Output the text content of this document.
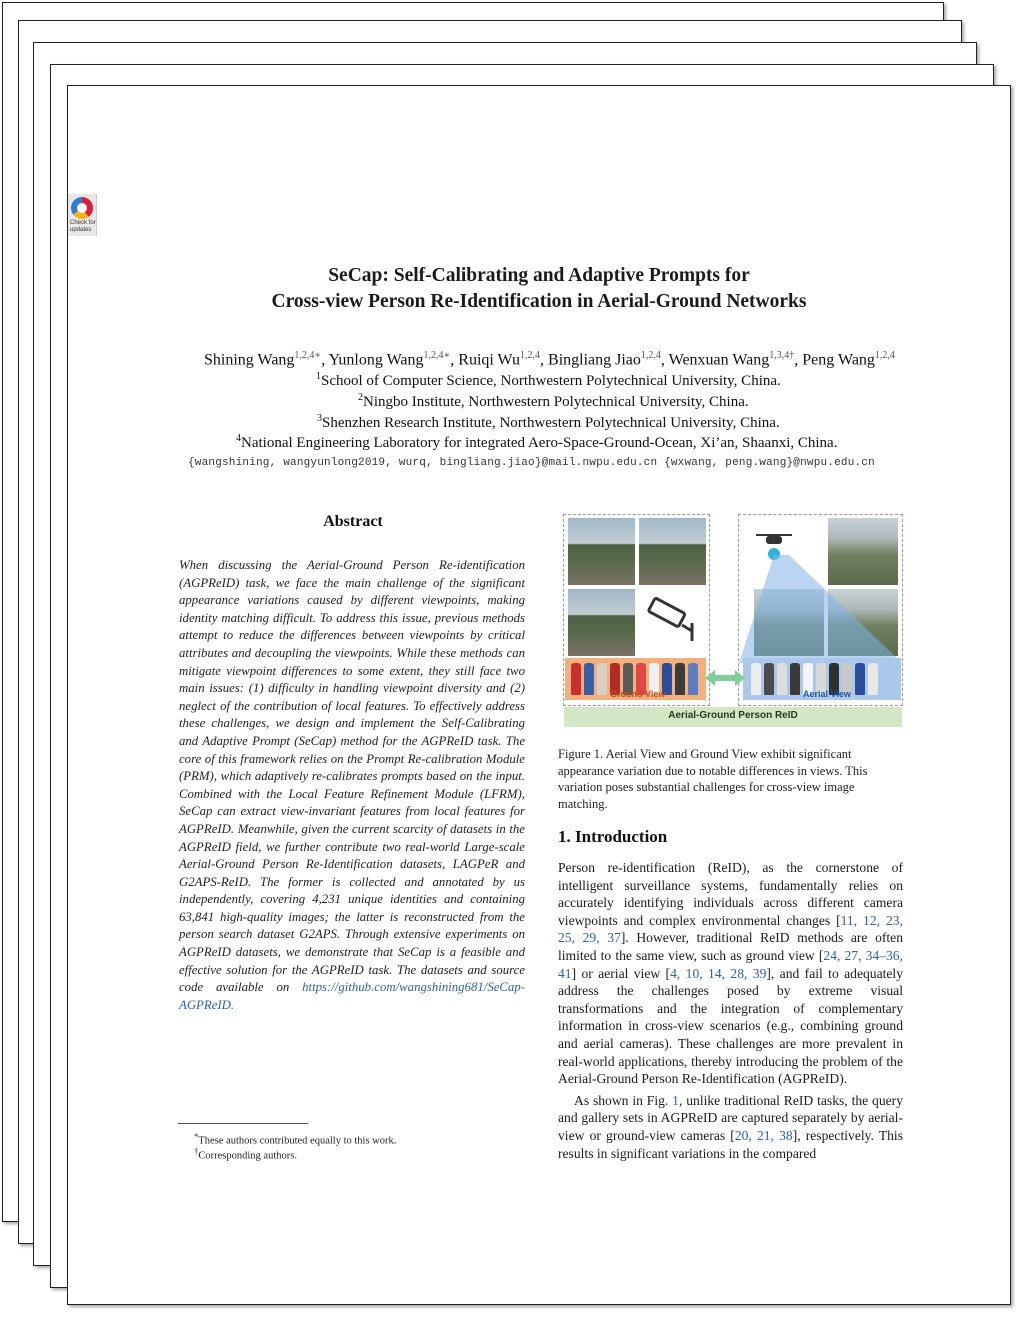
Check for
updates
SeCap: Self-Calibrating and Adaptive Prompts for
Cross-view Person Re-Identification in Aerial-Ground Networks
Shining Wang$^{1,2,4∗}$, Yunlong Wang$^{1,2,4∗}$, Ruiqi Wu$^{1,2,4}$, Bingliang Jiao$^{1,2,4}$, Wenxuan Wang$^{1,3,4\dagger}$, Peng Wang$^{1,2,4}$
$^1$School of Computer Science, Northwestern Polytechnical University, China.
$^2$Ningbo Institute, Northwestern Polytechnical University, China.
$^3$Shenzhen Research Institute, Northwestern Polytechnical University, China.
$^4$National Engineering Laboratory for integrated Aero-Space-Ground-Ocean, Xi’an, Shaanxi, China.
{wangshining, wangyunlong2019, wurq, bingliang.jiao}@mail.nwpu.edu.cn {wxwang, peng.wang}@nwpu.edu.cn
Abstract
When discussing the Aerial-Ground Person Re-identification (AGPReID) task, we face the main challenge of the significant appearance variations caused by different viewpoints, making identity matching difficult. To address this issue, previous methods attempt to reduce the differences between viewpoints by critical attributes and decoupling the viewpoints. While these methods can mitigate viewpoint differences to some extent, they still face two main issues: (1) difficulty in handling viewpoint diversity and (2) neglect of the contribution of local features. To effectively address these challenges, we design and implement the Self-Calibrating and Adaptive Prompt (SeCap) method for the AGPReID task. The core of this framework relies on the Prompt Re-calibration Module (PRM), which adaptively re-calibrates prompts based on the input. Combined with the Local Feature Refinement Module (LFRM), SeCap can extract view-invariant features from local features for AGPReID. Meanwhile, given the current scarcity of datasets in the AGPReID field, we further contribute two real-world Large-scale Aerial-Ground Person Re-Identification datasets, LAGPeR and G2APS-ReID. The former is collected and annotated by us independently, covering 4,231 unique identities and containing 63,841 high-quality images; the latter is reconstructed from the person search dataset G2APS. Through extensive experiments on AGPReID datasets, we demonstrate that SeCap is a feasible and effective solution for the AGPReID task. The datasets and source code available on https://github.com/wangshining681/SeCap-AGPReID.
*These authors contributed equally to this work.
†Corresponding authors.
Ground View	Aerial View
Aerial-Ground Person ReID
Figure 1. Aerial View and Ground View exhibit significant appearance variation due to notable differences in views. This variation poses substantial challenges for cross-view image matching.
1. Introduction
Person re-identification (ReID), as the cornerstone of intelligent surveillance systems, fundamentally relies on accurately identifying individuals across different camera viewpoints and complex environmental changes [11, 12, 23, 25, 29, 37]. However, traditional ReID methods are often limited to the same view, such as ground view [24, 27, 34–36, 41] or aerial view [4, 10, 14, 28, 39], and fail to adequately address the challenges posed by extreme visual transformations and the integration of complementary information in cross-view scenarios (e.g., combining ground and aerial cameras). These challenges are more prevalent in real-world applications, thereby introducing the problem of the Aerial-Ground Person Re-Identification (AGPReID).
As shown in Fig. 1, unlike traditional ReID tasks, the query and gallery sets in AGPReID are captured separately by aerial-view or ground-view cameras [20, 21, 38], respectively. This results in significant variations in the compared
